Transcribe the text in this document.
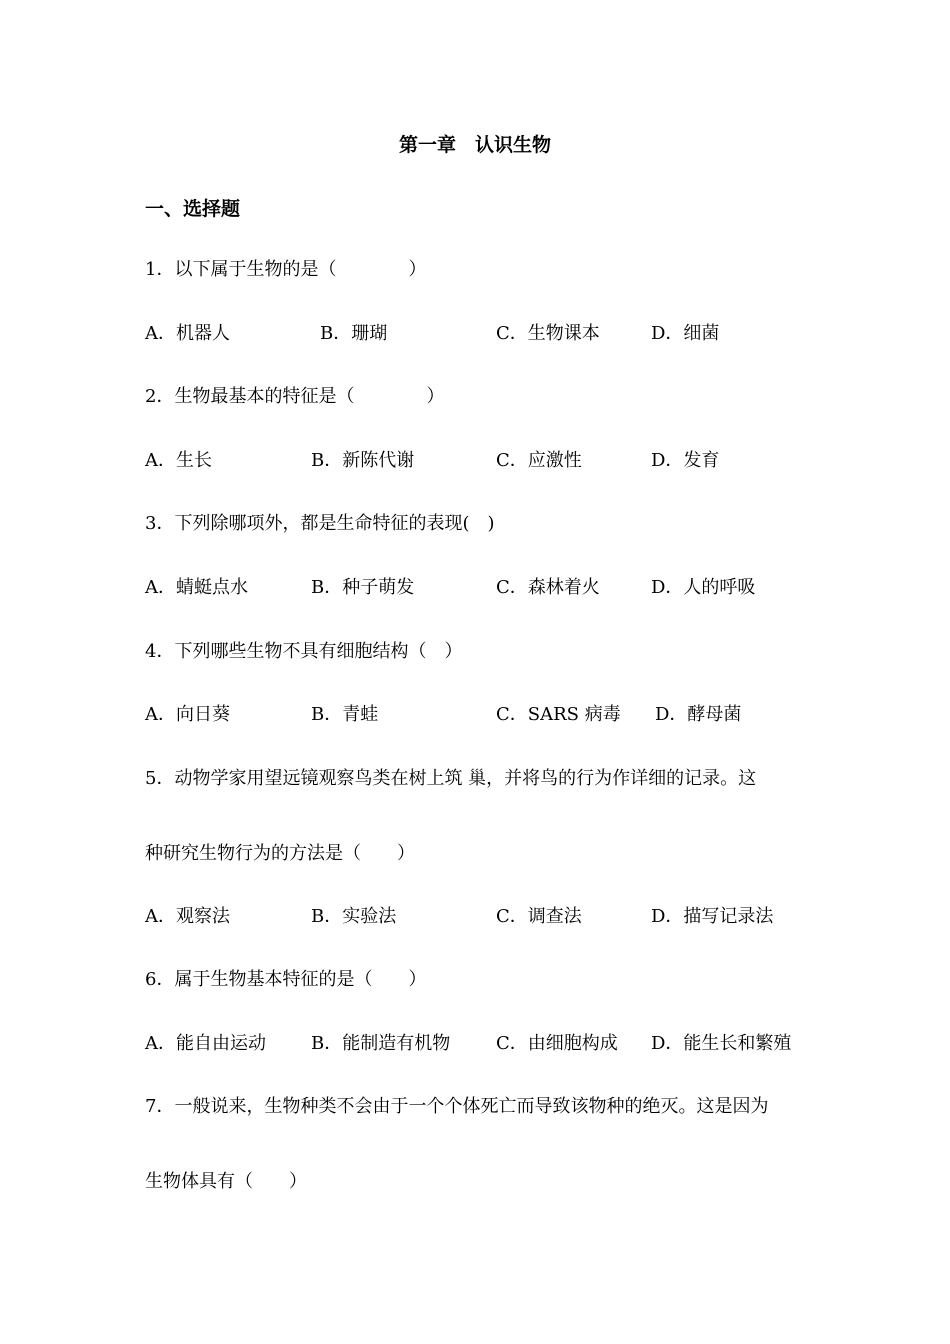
第一章　认识生物
一、选择题
1．以下属于生物的是（　　　　）
A．机器人	B．珊瑚	C．生物课本	D．细菌
2．生物最基本的特征是（　　　　）
A．生长	B．新陈代谢	C．应激性	D．发育
3．下列除哪项外，都是生命特征的表现(　)
A．蜻蜓点水	B．种子萌发	C．森林着火	D．人的呼吸
4．下列哪些生物不具有细胞结构（　）
A．向日葵	B．青蛙	C．SARS 病毒 D．酵母菌
5．动物学家用望远镜观察鸟类在树上筑 巢，并将鸟的行为作详细的记录。这
种研究生物行为的方法是（　　）
A．观察法	B．实验法	C．调查法	D．描写记录法
6．属于生物基本特征的是（　　）
A．能自由运动	B．能制造有机物	C．由细胞构成 D．能生长和繁殖
7．一般说来，生物种类不会由于一个个体死亡而导致该物种的绝灭。这是因为
生物体具有（　　）
